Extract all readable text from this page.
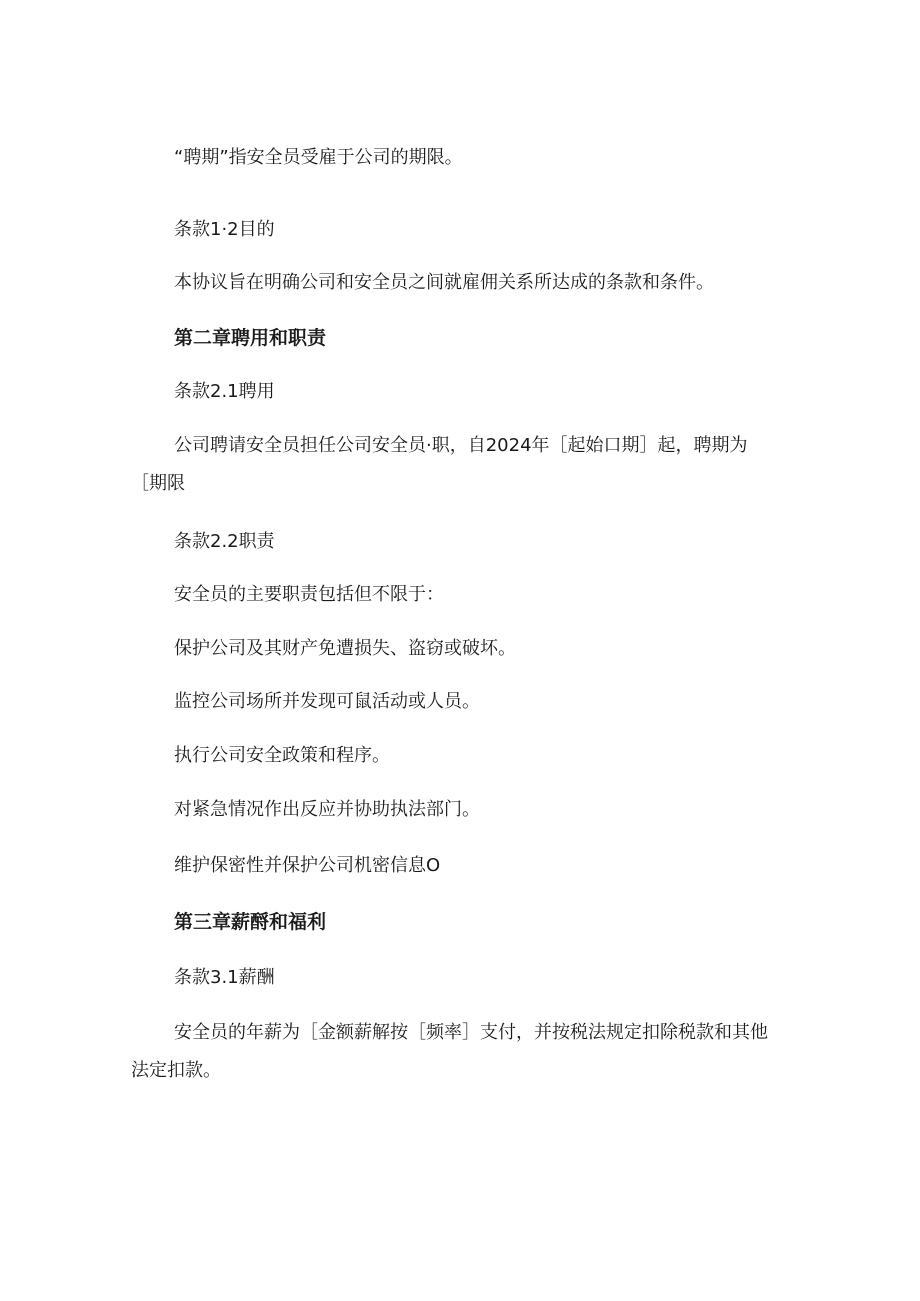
“聘期”指安全员受雇于公司的期限。
条款1·2目的
本协议旨在明确公司和安全员之间就雇佣关系所达成的条款和条件。
第二章聘用和职责
条款2.1聘用
公司聘请安全员担任公司安全员·职，自2024年［起始口期］起，聘期为［期限
条款2.2职责
安全员的主要职责包括但不限于：
保护公司及其财产免遭损失、盗窃或破坏。
监控公司场所并发现可鼠活动或人员。
执行公司安全政策和程序。
对紧急情况作出反应并协助执法部门。
维护保密性并保护公司机密信息O
第三章薪酹和福利
条款3.1薪酬
安全员的年薪为［金额薪解按［频率］支付，并按税法规定扣除税款和其他法定扣款。
